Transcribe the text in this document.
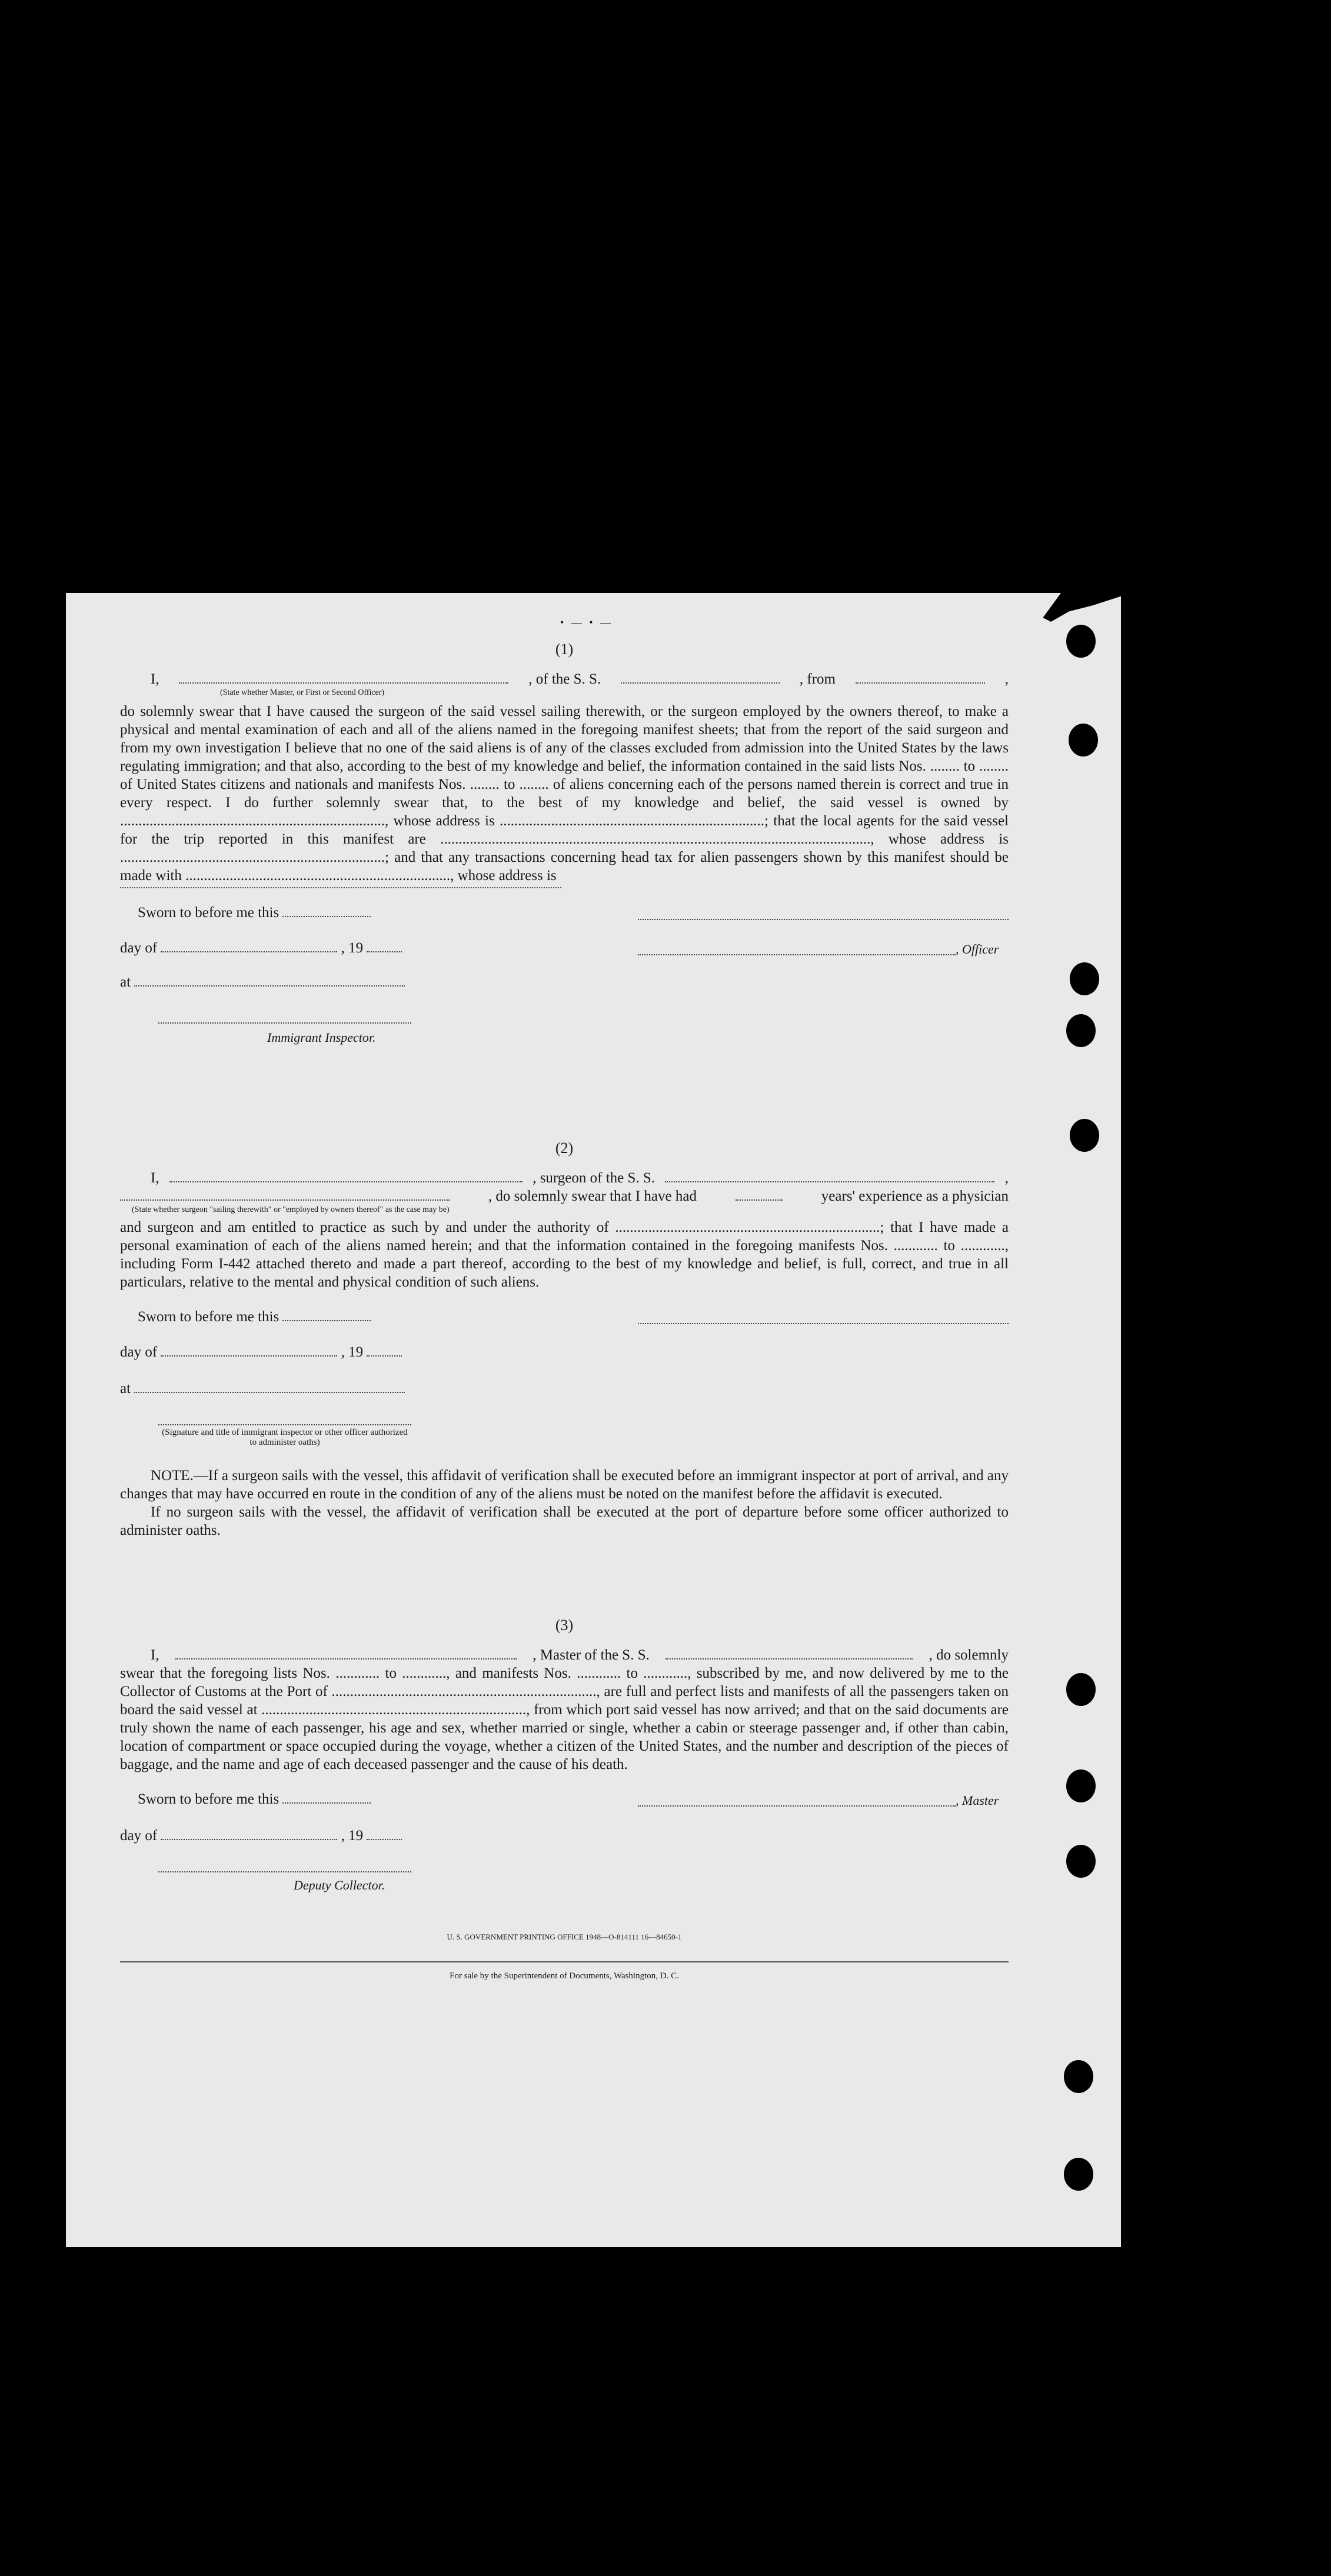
• — • —
(1)
I,	, of the S. S.	, from	,
(State whether Master, or First or Second Officer)

do solemnly swear that I have caused the surgeon of the said vessel sailing therewith, or the surgeon employed by the owners thereof, to make a physical and mental examination of each and all of the aliens named in the foregoing manifest sheets; that from the report of the said surgeon and from my own investigation I believe that no one of the said aliens is of any of the classes excluded from admission into the United States by the laws regulating immigration; and that also, according to the best of my knowledge and belief, the information contained in the said lists Nos. ........ to ........ of United States citizens and nationals and manifests Nos. ........ to ........ of aliens concerning each of the persons named therein is correct and true in every respect. I do further solemnly swear that, to the best of my knowledge and belief, the said vessel is owned by ........................................................................, whose address is ........................................................................; that the local agents for the said vessel for the trip reported in this manifest are ....................................................................................................................., whose address is ........................................................................; and that any transactions concerning head tax for alien passengers shown by this manifest should be made with ........................................................................, whose address is

Sworn to before me this
day of	, 19	, Officer
at
Immigrant Inspector.
(2)
I,	, surgeon of the S. S.	,
, do solemnly swear that I have had	years' experience as a physician
(State whether surgeon "sailing therewith" or "employed by owners thereof" as the case may be)

and surgeon and am entitled to practice as such by and under the authority of ........................................................................; that I have made a personal examination of each of the aliens named herein; and that the information contained in the foregoing manifests Nos. ............ to ............, including Form I-442 attached thereto and made a part thereof, according to the best of my knowledge and belief, is full, correct, and true in all particulars, relative to the mental and physical condition of such aliens.

Sworn to before me this
day of	, 19
at
(Signature and title of immigrant inspector or other officer authorized to administer oaths)

NOTE.—If a surgeon sails with the vessel, this affidavit of verification shall be executed before an immigrant inspector at port of arrival, and any changes that may have occurred en route in the condition of any of the aliens must be noted on the manifest before the affidavit is executed.

If no surgeon sails with the vessel, the affidavit of verification shall be executed at the port of departure before some officer authorized to administer oaths.

(3)
I,	, Master of the S. S.	, do solemnly

swear that the foregoing lists Nos. ............ to ............, and manifests Nos. ............ to ............, subscribed by me, and now delivered by me to the Collector of Customs at the Port of ........................................................................, are full and perfect lists and manifests of all the passengers taken on board the said vessel at ........................................................................, from which port said vessel has now arrived; and that on the said documents are truly shown the name of each passenger, his age and sex, whether married or single, whether a cabin or steerage passenger and, if other than cabin, location of compartment or space occupied during the voyage, whether a citizen of the United States, and the number and description of the pieces of baggage, and the name and age of each deceased passenger and the cause of his death.

Sworn to before me this	, Master
day of	, 19
Deputy Collector.
U. S. GOVERNMENT PRINTING OFFICE 1948—O-814111 16—84650-1
For sale by the Superintendent of Documents, Washington, D. C.
